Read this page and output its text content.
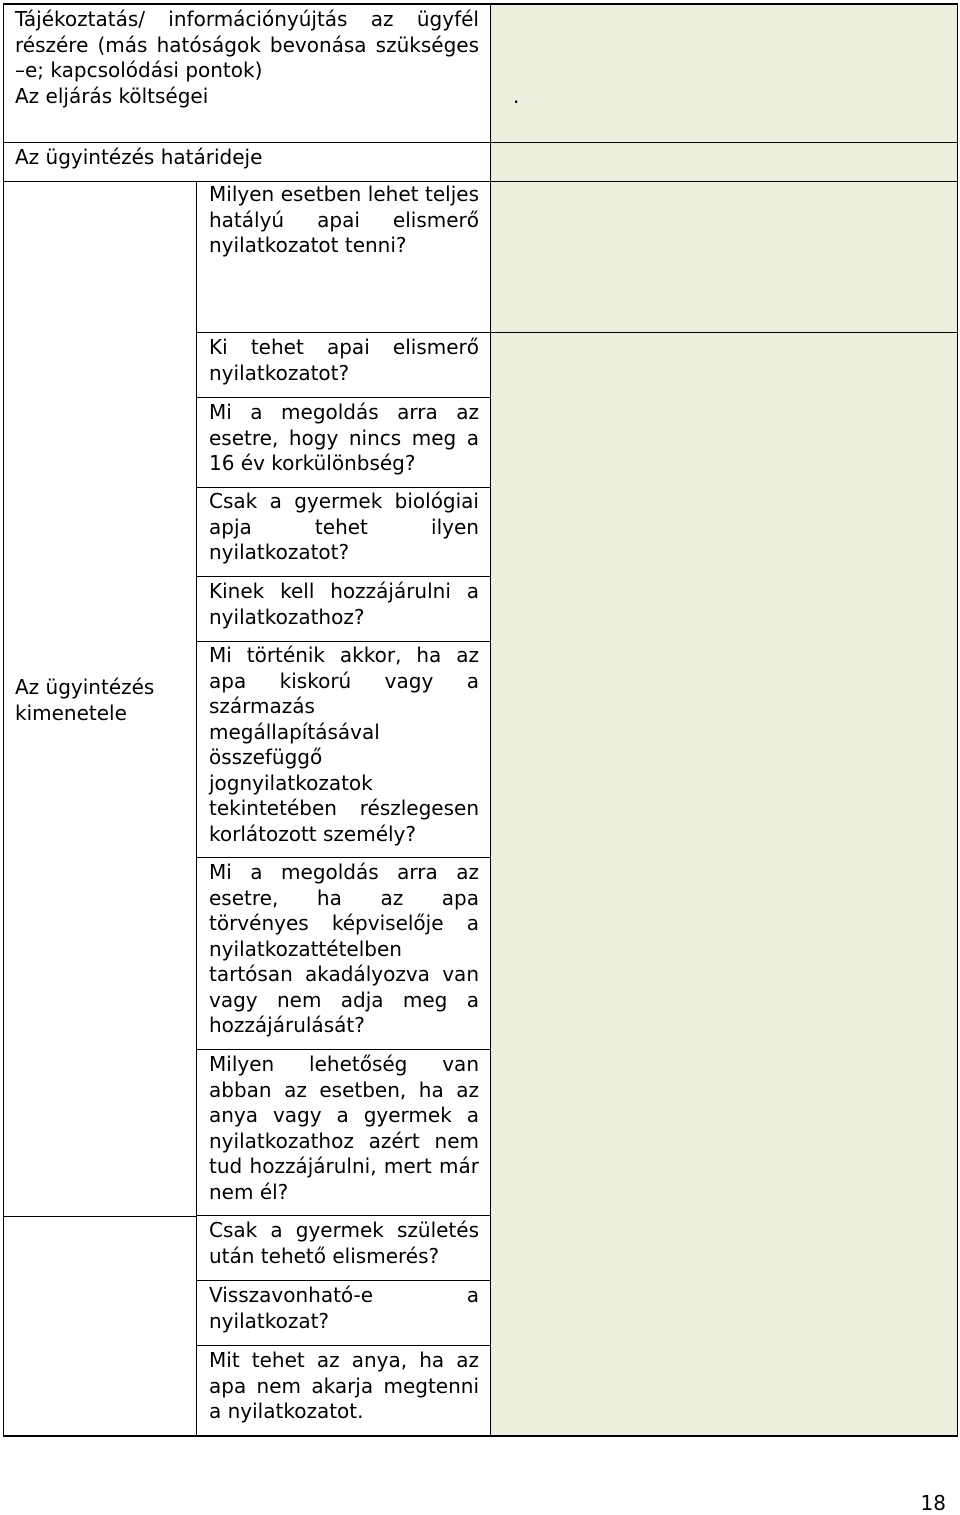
Tájékoztatás/ információnyújtás az ügyfél részére (más hatóságok bevonása szükséges –e; kapcsolódási pontok)
Az eljárás költségei	.
Az ügyintézés határideje
Az ügyintézés kimenetele
Milyen esetben lehet teljes hatályú apai elismerő nyilatkozatot tenni?
Ki tehet apai elismerő nyilatkozatot?
Mi a megoldás arra az esetre, hogy nincs meg a 16 év korkülönbség?
Csak a gyermek biológiai apja tehet ilyen nyilatkozatot?
Kinek kell hozzájárulni a nyilatkozathoz?
Mi történik akkor, ha az apa kiskorú vagy a származás megállapításával összefüggő jognyilatkozatok tekintetében részlegesen korlátozott személy?
Mi a megoldás arra az esetre, ha az apa törvényes képviselője a nyilatkozattételben tartósan akadályozva van vagy nem adja meg a hozzájárulását?
Milyen lehetőség van abban az esetben, ha az anya vagy a gyermek a nyilatkozathoz azért nem tud hozzájárulni, mert már nem él?
Csak a gyermek születés után tehető elismerés?
Visszavonható-e a nyilatkozat?
Mit tehet az anya, ha az apa nem akarja megtenni a nyilatkozatot.
18
